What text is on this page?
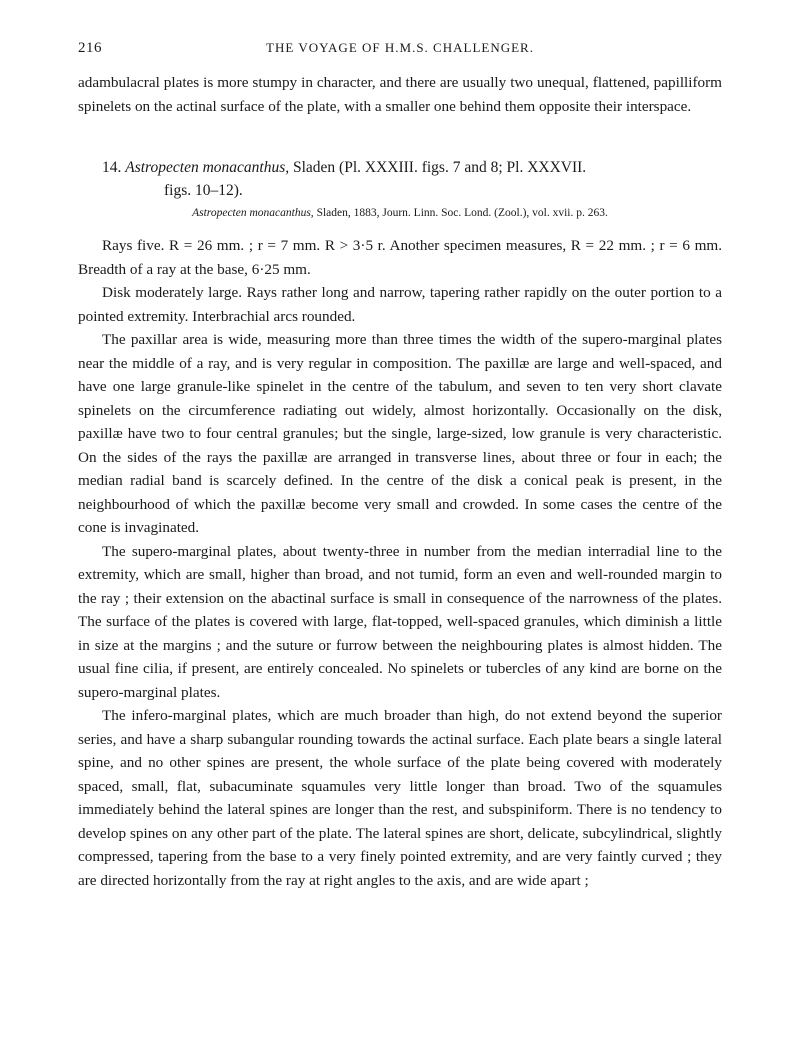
216	THE VOYAGE OF H.M.S. CHALLENGER.

adambulacral plates is more stumpy in character, and there are usually two unequal, flattened, papilliform spinelets on the actinal surface of the plate, with a smaller one behind them opposite their interspace.

14. Astropecten monacanthus, Sladen (Pl. XXXIII. figs. 7 and 8; Pl. XXXVII.
figs. 10–12).
Astropecten monacanthus, Sladen, 1883, Journ. Linn. Soc. Lond. (Zool.), vol. xvii. p. 263.

Rays five. R = 26 mm. ; r = 7 mm. R > 3·5 r. Another specimen measures, R = 22 mm. ; r = 6 mm. Breadth of a ray at the base, 6·25 mm.

Disk moderately large. Rays rather long and narrow, tapering rather rapidly on the outer portion to a pointed extremity. Interbrachial arcs rounded.

The paxillar area is wide, measuring more than three times the width of the supero-marginal plates near the middle of a ray, and is very regular in composition. The paxillæ are large and well-spaced, and have one large granule-like spinelet in the centre of the tabulum, and seven to ten very short clavate spinelets on the circumference radiating out widely, almost horizontally. Occasionally on the disk, paxillæ have two to four central granules; but the single, large-sized, low granule is very characteristic. On the sides of the rays the paxillæ are arranged in transverse lines, about three or four in each; the median radial band is scarcely defined. In the centre of the disk a conical peak is present, in the neighbourhood of which the paxillæ become very small and crowded. In some cases the centre of the cone is invaginated.

The supero-marginal plates, about twenty-three in number from the median interradial line to the extremity, which are small, higher than broad, and not tumid, form an even and well-rounded margin to the ray ; their extension on the abactinal surface is small in consequence of the narrowness of the plates. The surface of the plates is covered with large, flat-topped, well-spaced granules, which diminish a little in size at the margins ; and the suture or furrow between the neighbouring plates is almost hidden. The usual fine cilia, if present, are entirely concealed. No spinelets or tubercles of any kind are borne on the supero-marginal plates.

The infero-marginal plates, which are much broader than high, do not extend beyond the superior series, and have a sharp subangular rounding towards the actinal surface. Each plate bears a single lateral spine, and no other spines are present, the whole surface of the plate being covered with moderately spaced, small, flat, subacuminate squamules very little longer than broad. Two of the squamules immediately behind the lateral spines are longer than the rest, and subspiniform. There is no tendency to develop spines on any other part of the plate. The lateral spines are short, delicate, subcylindrical, slightly compressed, tapering from the base to a very finely pointed extremity, and are very faintly curved ; they are directed horizontally from the ray at right angles to the axis, and are wide apart ;
